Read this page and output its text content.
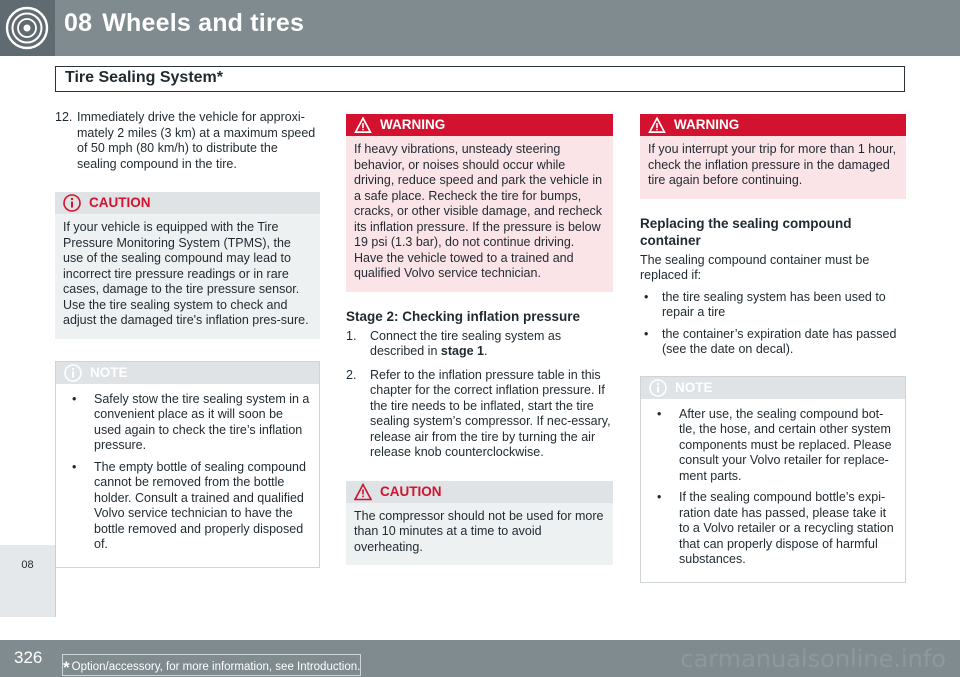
08 Wheels and tires
Tire Sealing System*
12. Immediately drive the vehicle for approxi-mately 2 miles (3 km) at a maximum speed of 50 mph (80 km/h) to distribute the sealing compound in the tire.
CAUTION
If your vehicle is equipped with the Tire Pressure Monitoring System (TPMS), the use of the sealing compound may lead to incorrect tire pressure readings or in rare cases, damage to the tire pressure sensor. Use the tire sealing system to check and adjust the damaged tire's inflation pres-sure.
NOTE
• Safely stow the tire sealing system in a convenient place as it will soon be used again to check the tire’s inflation pressure.
• The empty bottle of sealing compound cannot be removed from the bottle holder. Consult a trained and qualified Volvo service technician to have the bottle removed and properly disposed of.
WARNING
If heavy vibrations, unsteady steering behavior, or noises should occur while driving, reduce speed and park the vehicle in a safe place. Recheck the tire for bumps, cracks, or other visible damage, and recheck its inflation pressure. If the pressure is below 19 psi (1.3 bar), do not continue driving. Have the vehicle towed to a trained and qualified Volvo service technician.
Stage 2: Checking inflation pressure
1. Connect the tire sealing system as described in stage 1.
2. Refer to the inflation pressure table in this chapter for the correct inflation pressure. If the tire needs to be inflated, start the tire sealing system’s compressor. If nec-essary, release air from the tire by turning the air release knob counterclockwise.
CAUTION
The compressor should not be used for more than 10 minutes at a time to avoid overheating.
WARNING
If you interrupt your trip for more than 1 hour, check the inflation pressure in the damaged tire again before continuing.
Replacing the sealing compound container
The sealing compound container must be replaced if:
• the tire sealing system has been used to repair a tire
• the container’s expiration date has passed (see the date on decal).
NOTE
• After use, the sealing compound bot-tle, the hose, and certain other system components must be replaced. Please consult your Volvo retailer for replace-ment parts.
• If the sealing compound bottle’s expi-ration date has passed, please take it to a Volvo retailer or a recycling station that can properly dispose of harmful substances.
08
326
* Option/accessory, for more information, see Introduction.	carmanualsonline.info
